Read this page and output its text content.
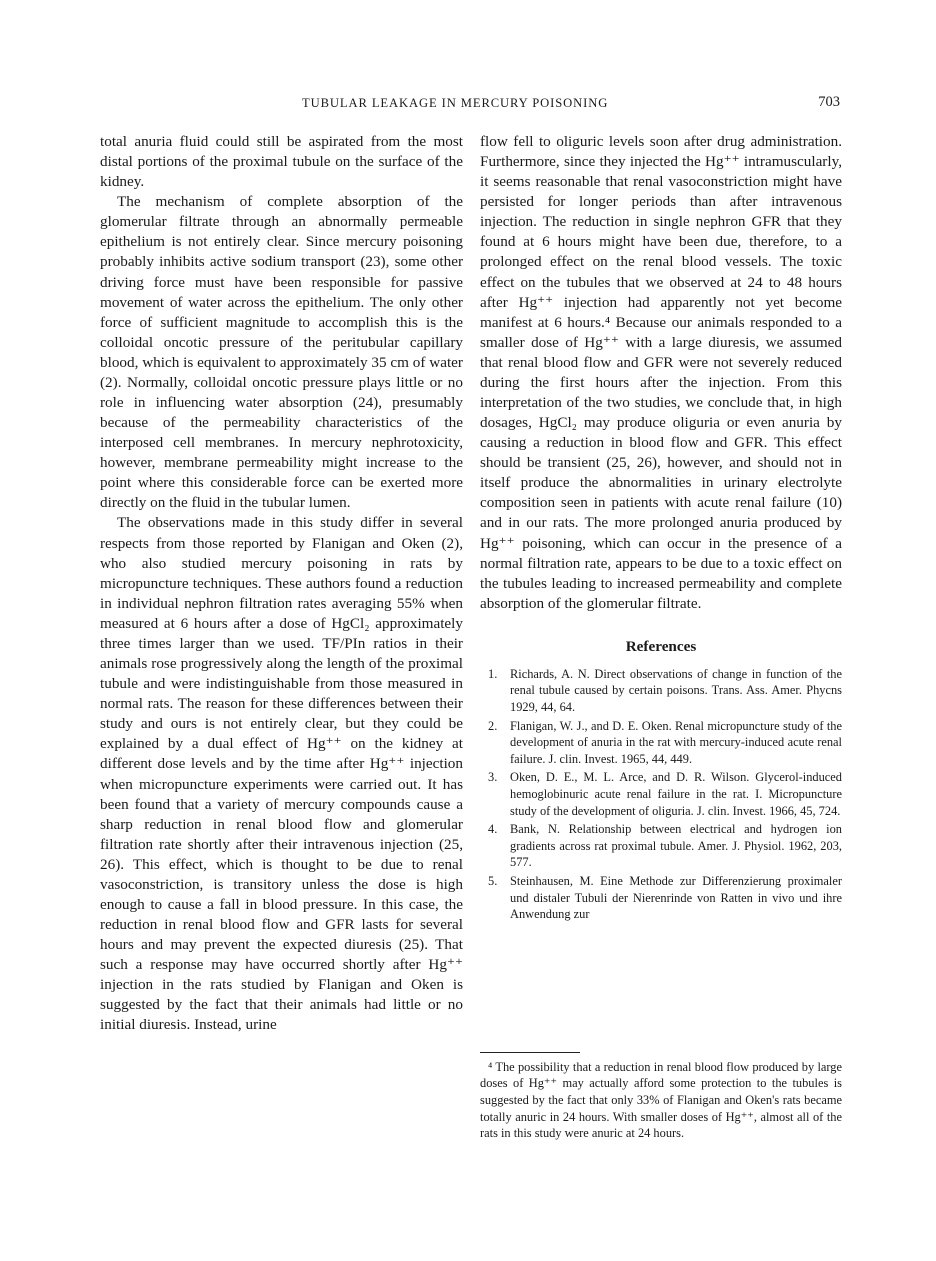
TUBULAR LEAKAGE IN MERCURY POISONING	703

total anuria fluid could still be aspirated from the most distal portions of the proximal tubule on the surface of the kidney.

The mechanism of complete absorption of the glomerular filtrate through an abnormally permeable epithelium is not entirely clear. Since mercury poisoning probably inhibits active sodium transport (23), some other driving force must have been responsible for passive movement of water across the epithelium. The only other force of sufficient magnitude to accomplish this is the colloidal oncotic pressure of the peritubular capillary blood, which is equivalent to approximately 35 cm of water (2). Normally, colloidal oncotic pressure plays little or no role in influencing water absorption (24), presumably because of the permeability characteristics of the interposed cell membranes. In mercury nephrotoxicity, however, membrane permeability might increase to the point where this considerable force can be exerted more directly on the fluid in the tubular lumen.

The observations made in this study differ in several respects from those reported by Flanigan and Oken (2), who also studied mercury poisoning in rats by micropuncture techniques. These authors found a reduction in individual nephron filtration rates averaging 55% when measured at 6 hours after a dose of HgCl₂ approximately three times larger than we used. TF/PIn ratios in their animals rose progressively along the length of the proximal tubule and were indistinguishable from those measured in normal rats. The reason for these differences between their study and ours is not entirely clear, but they could be explained by a dual effect of Hg⁺⁺ on the kidney at different dose levels and by the time after Hg⁺⁺ injection when micropuncture experiments were carried out. It has been found that a variety of mercury compounds cause a sharp reduction in renal blood flow and glomerular filtration rate shortly after their intravenous injection (25, 26). This effect, which is thought to be due to renal vasoconstriction, is transitory unless the dose is high enough to cause a fall in blood pressure. In this case, the reduction in renal blood flow and GFR lasts for several hours and may prevent the expected diuresis (25). That such a response may have occurred shortly after Hg⁺⁺ injection in the rats studied by Flanigan and Oken is suggested by the fact that their animals had little or no initial diuresis. Instead, urine

flow fell to oliguric levels soon after drug administration. Furthermore, since they injected the Hg⁺⁺ intramuscularly, it seems reasonable that renal vasoconstriction might have persisted for longer periods than after intravenous injection. The reduction in single nephron GFR that they found at 6 hours might have been due, therefore, to a prolonged effect on the renal blood vessels. The toxic effect on the tubules that we observed at 24 to 48 hours after Hg⁺⁺ injection had apparently not yet become manifest at 6 hours.⁴ Because our animals responded to a smaller dose of Hg⁺⁺ with a large diuresis, we assumed that renal blood flow and GFR were not severely reduced during the first hours after the injection. From this interpretation of the two studies, we conclude that, in high dosages, HgCl₂ may produce oliguria or even anuria by causing a reduction in blood flow and GFR. This effect should be transient (25, 26), however, and should not in itself produce the abnormalities in urinary electrolyte composition seen in patients with acute renal failure (10) and in our rats. The more prolonged anuria produced by Hg⁺⁺ poisoning, which can occur in the presence of a normal filtration rate, appears to be due to a toxic effect on the tubules leading to increased permeability and complete absorption of the glomerular filtrate.

References
1. Richards, A. N. Direct observations of change in function of the renal tubule caused by certain poisons. Trans. Ass. Amer. Phycns 1929, 44, 64.
2. Flanigan, W. J., and D. E. Oken. Renal micropuncture study of the development of anuria in the rat with mercury-induced acute renal failure. J. clin. Invest. 1965, 44, 449.
3. Oken, D. E., M. L. Arce, and D. R. Wilson. Glycerol-induced hemoglobinuric acute renal failure in the rat. I. Micropuncture study of the development of oliguria. J. clin. Invest. 1966, 45, 724.
4. Bank, N. Relationship between electrical and hydrogen ion gradients across rat proximal tubule. Amer. J. Physiol. 1962, 203, 577.
5. Steinhausen, M. Eine Methode zur Differenzierung proximaler und distaler Tubuli der Nierenrinde von Ratten in vivo und ihre Anwendung zur

⁴ The possibility that a reduction in renal blood flow produced by large doses of Hg⁺⁺ may actually afford some protection to the tubules is suggested by the fact that only 33% of Flanigan and Oken's rats became totally anuric in 24 hours. With smaller doses of Hg⁺⁺, almost all of the rats in this study were anuric at 24 hours.
